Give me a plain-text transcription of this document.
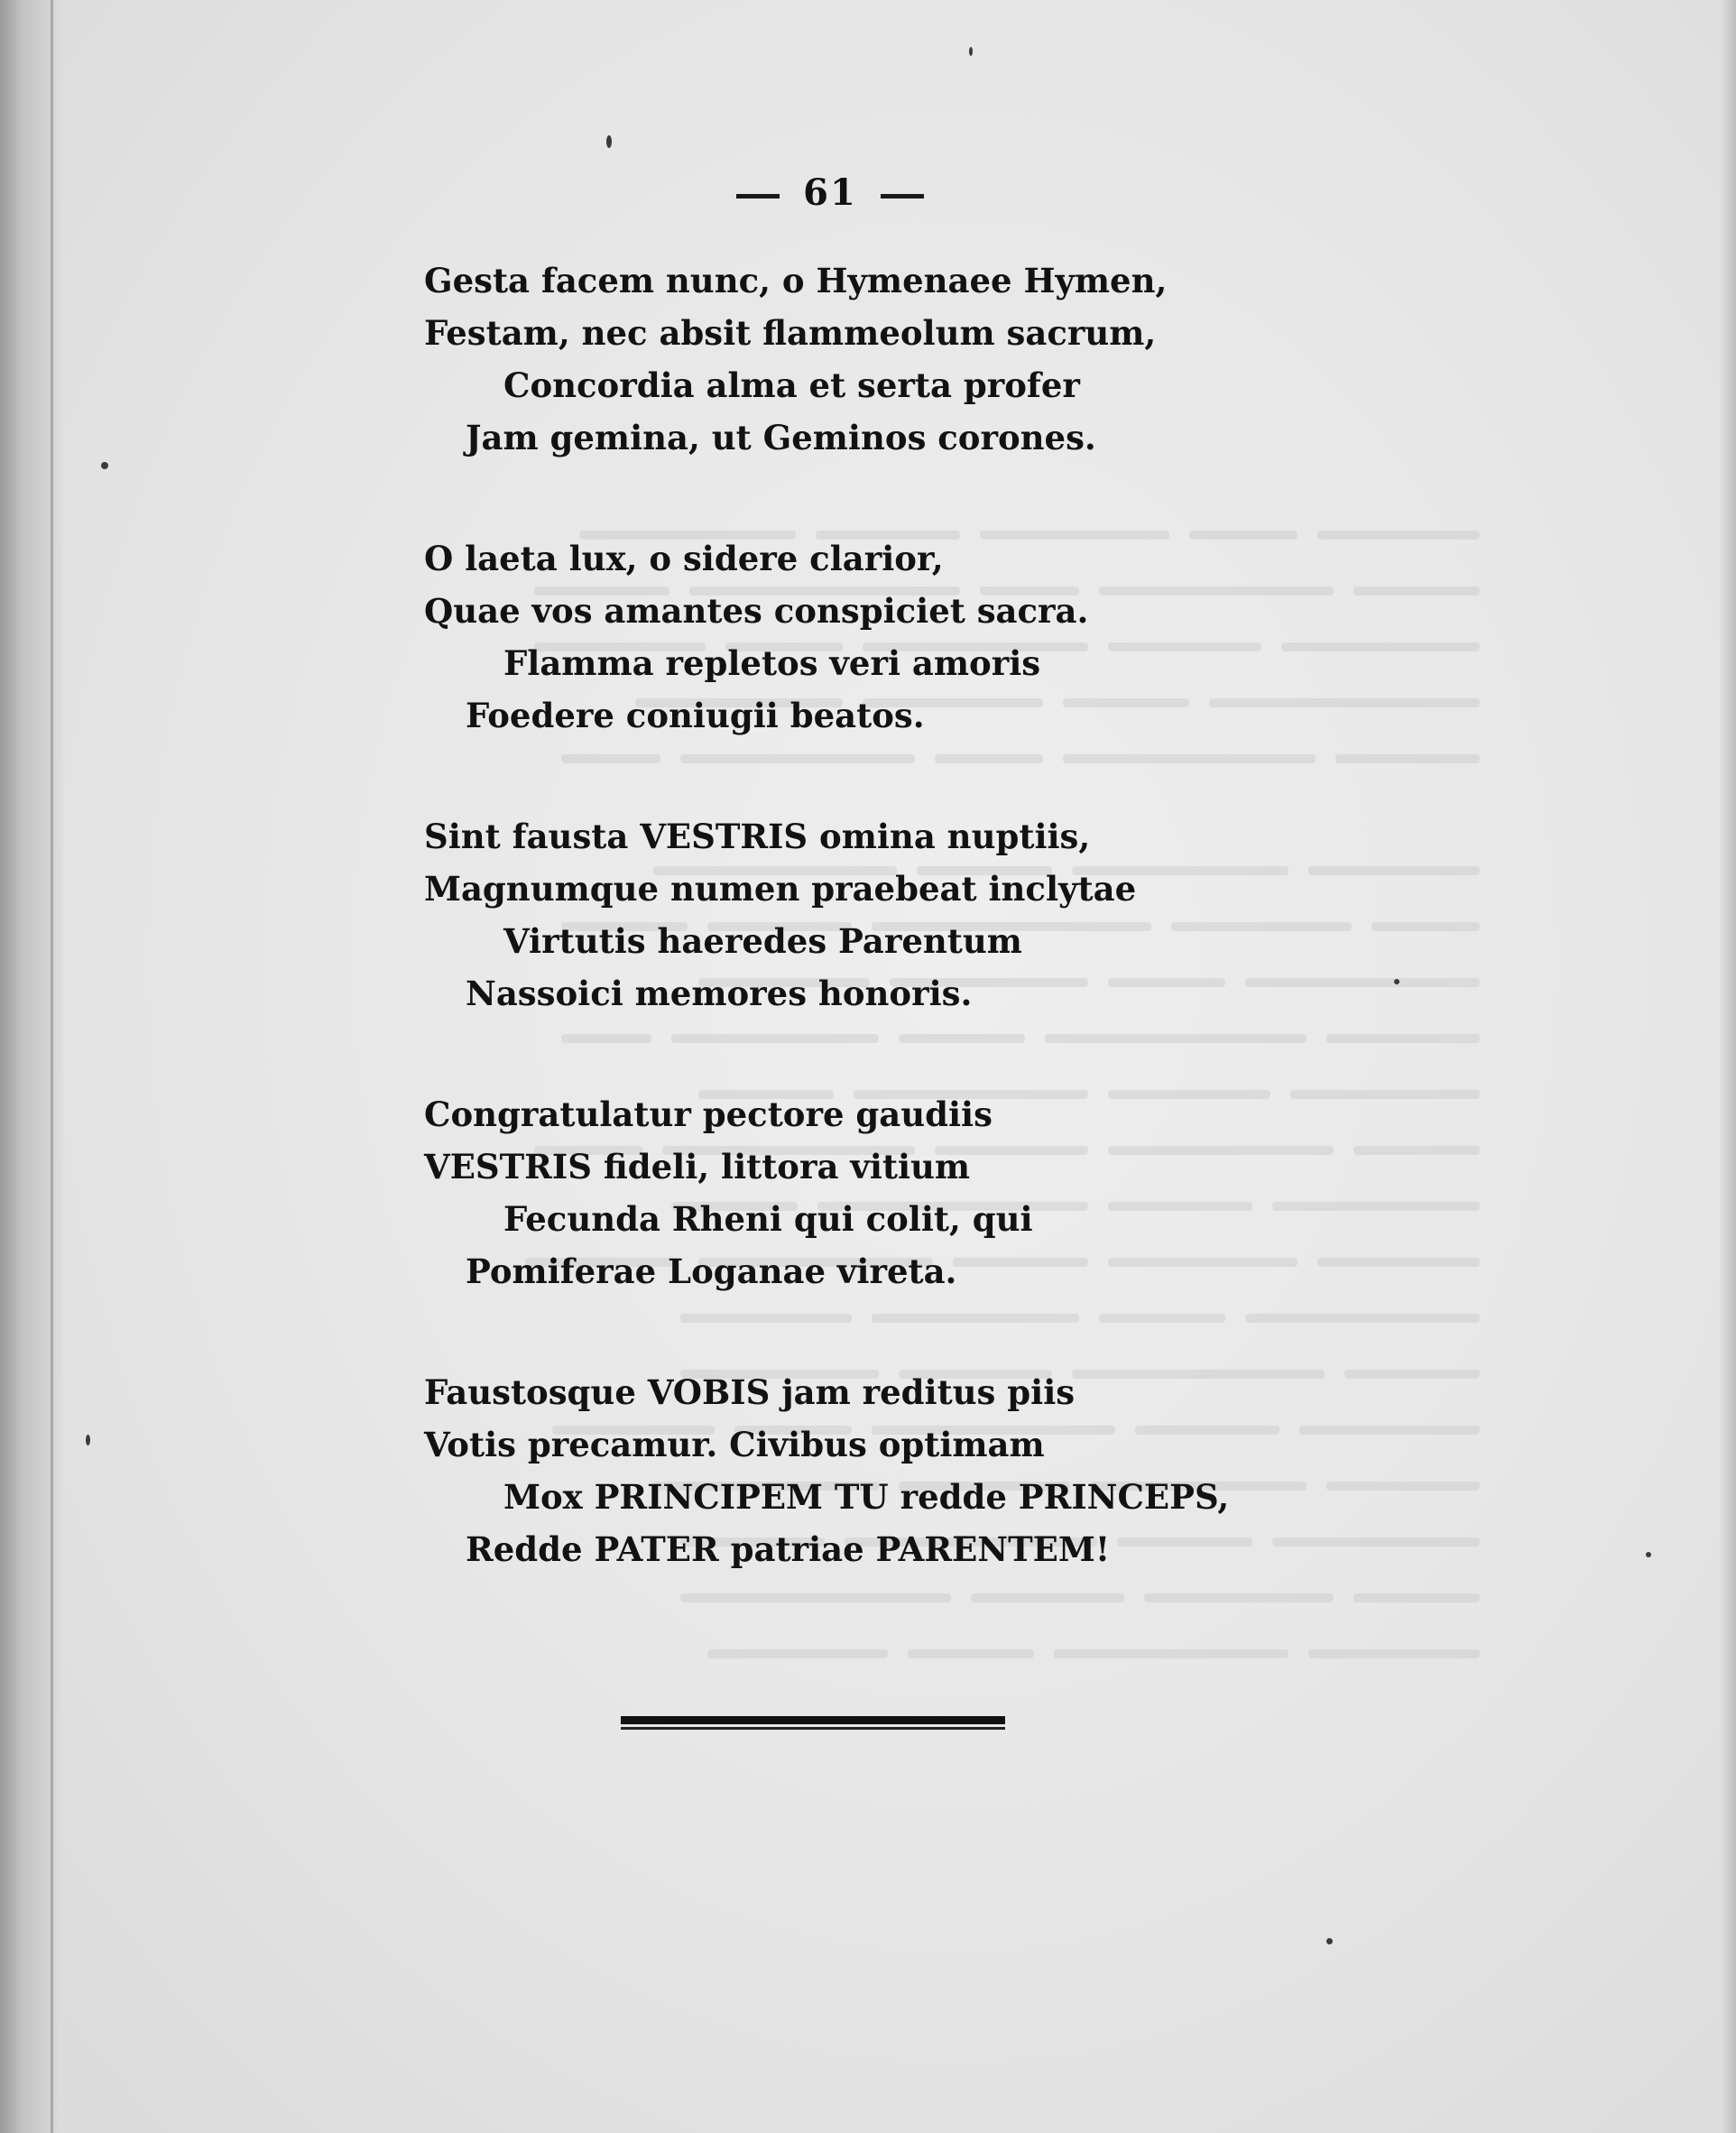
61
Gesta facem nunc, o Hymenaee Hymen,
Festam, nec absit flammeolum sacrum,
Concordia alma et serta profer
Jam gemina, ut Geminos corones.
O laeta lux, o sidere clarior,
Quae vos amantes conspiciet sacra.
Flamma repletos veri amoris
Foedere coniugii beatos.
Sint fausta VESTRIS omina nuptiis,
Magnumque numen praebeat inclytae
Virtutis haeredes Parentum
Nassoici memores honoris.
Congratulatur pectore gaudiis
VESTRIS fideli, littora vitium
Fecunda Rheni qui colit, qui
Pomiferae Loganae vireta.
Faustosque VOBIS jam reditus piis
Votis precamur. Civibus optimam
Mox PRINCIPEM TU redde PRINCEPS,
Redde PATER patriae PARENTEM!
